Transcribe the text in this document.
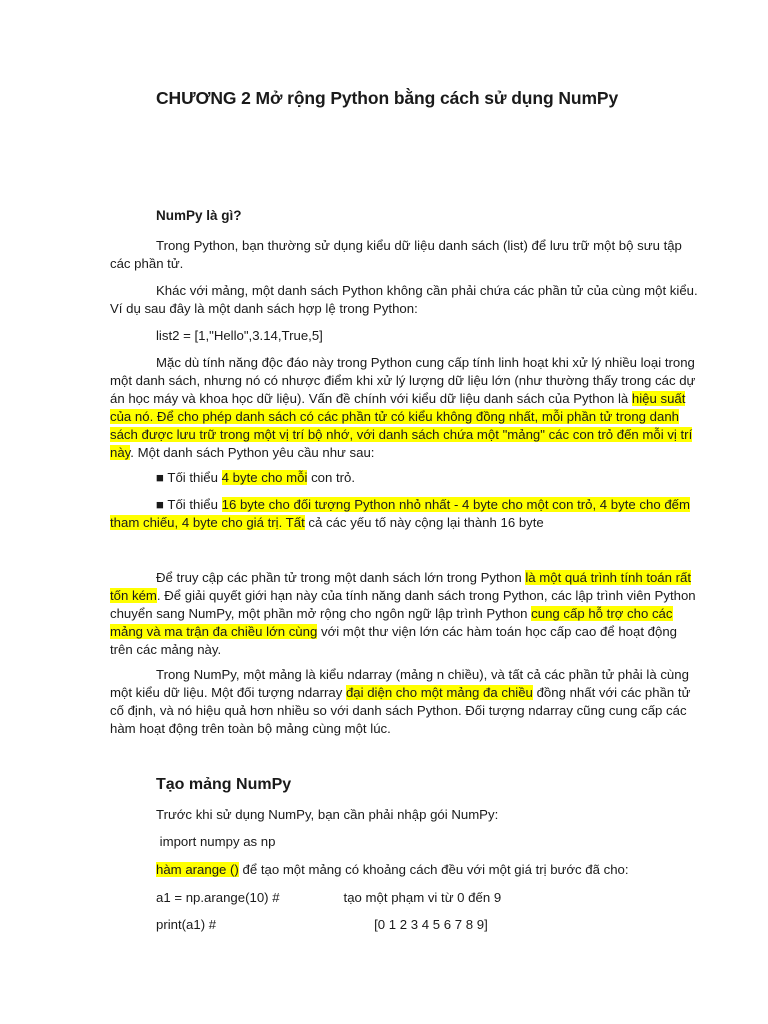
CHƯƠNG 2 Mở rộng Python bằng cách sử dụng NumPy
NumPy là gì?

Trong Python, bạn thường sử dụng kiểu dữ liệu danh sách (list) để lưu trữ một bộ sưu tập các phần tử.

Khác với mảng, một danh sách Python không cần phải chứa các phần tử của cùng một kiểu. Ví dụ sau đây là một danh sách hợp lệ trong Python:

list2 = [1,"Hello",3.14,True,5]

Mặc dù tính năng độc đáo này trong Python cung cấp tính linh hoạt khi xử lý nhiều loại trong một danh sách, nhưng nó có nhược điểm khi xử lý lượng dữ liệu lớn (như thường thấy trong các dự án học máy và khoa học dữ liệu). Vấn đề chính với kiểu dữ liệu danh sách của Python là hiệu suất của nó. Để cho phép danh sách có các phần tử có kiểu không đồng nhất, mỗi phần tử trong danh sách được lưu trữ trong một vị trí bộ nhớ, với danh sách chứa một "mảng" các con trỏ đến mỗi vị trí này. Một danh sách Python yêu cầu như sau:

■ Tối thiểu 4 byte cho mỗi con trỏ.

■ Tối thiểu 16 byte cho đối tượng Python nhỏ nhất - 4 byte cho một con trỏ, 4 byte cho đếm tham chiếu, 4 byte cho giá trị. Tất cả các yếu tố này cộng lại thành 16 byte

Để truy cập các phần tử trong một danh sách lớn trong Python là một quá trình tính toán rất tốn kém. Để giải quyết giới hạn này của tính năng danh sách trong Python, các lập trình viên Python chuyển sang NumPy, một phần mở rộng cho ngôn ngữ lập trình Python cung cấp hỗ trợ cho các mảng và ma trận đa chiều lớn cùng với một thư viện lớn các hàm toán học cấp cao để hoạt động trên các mảng này.

Trong NumPy, một mảng là kiểu ndarray (mảng n chiều), và tất cả các phần tử phải là cùng một kiểu dữ liệu. Một đối tượng ndarray đại diện cho một mảng đa chiều đồng nhất với các phần tử cố định, và nó hiệu quả hơn nhiều so với danh sách Python. Đối tượng ndarray cũng cung cấp các hàm hoạt động trên toàn bộ mảng cùng một lúc.

Tạo mảng NumPy

Trước khi sử dụng NumPy, bạn cần phải nhập gói NumPy:

import numpy as np

hàm arange () để tạo một mảng có khoảng cách đều với một giá trị bước đã cho:

a1 = np.arange(10) #	tạo một phạm vi từ 0 đến 9

print(a1) #	[0 1 2 3 4 5 6 7 8 9]
